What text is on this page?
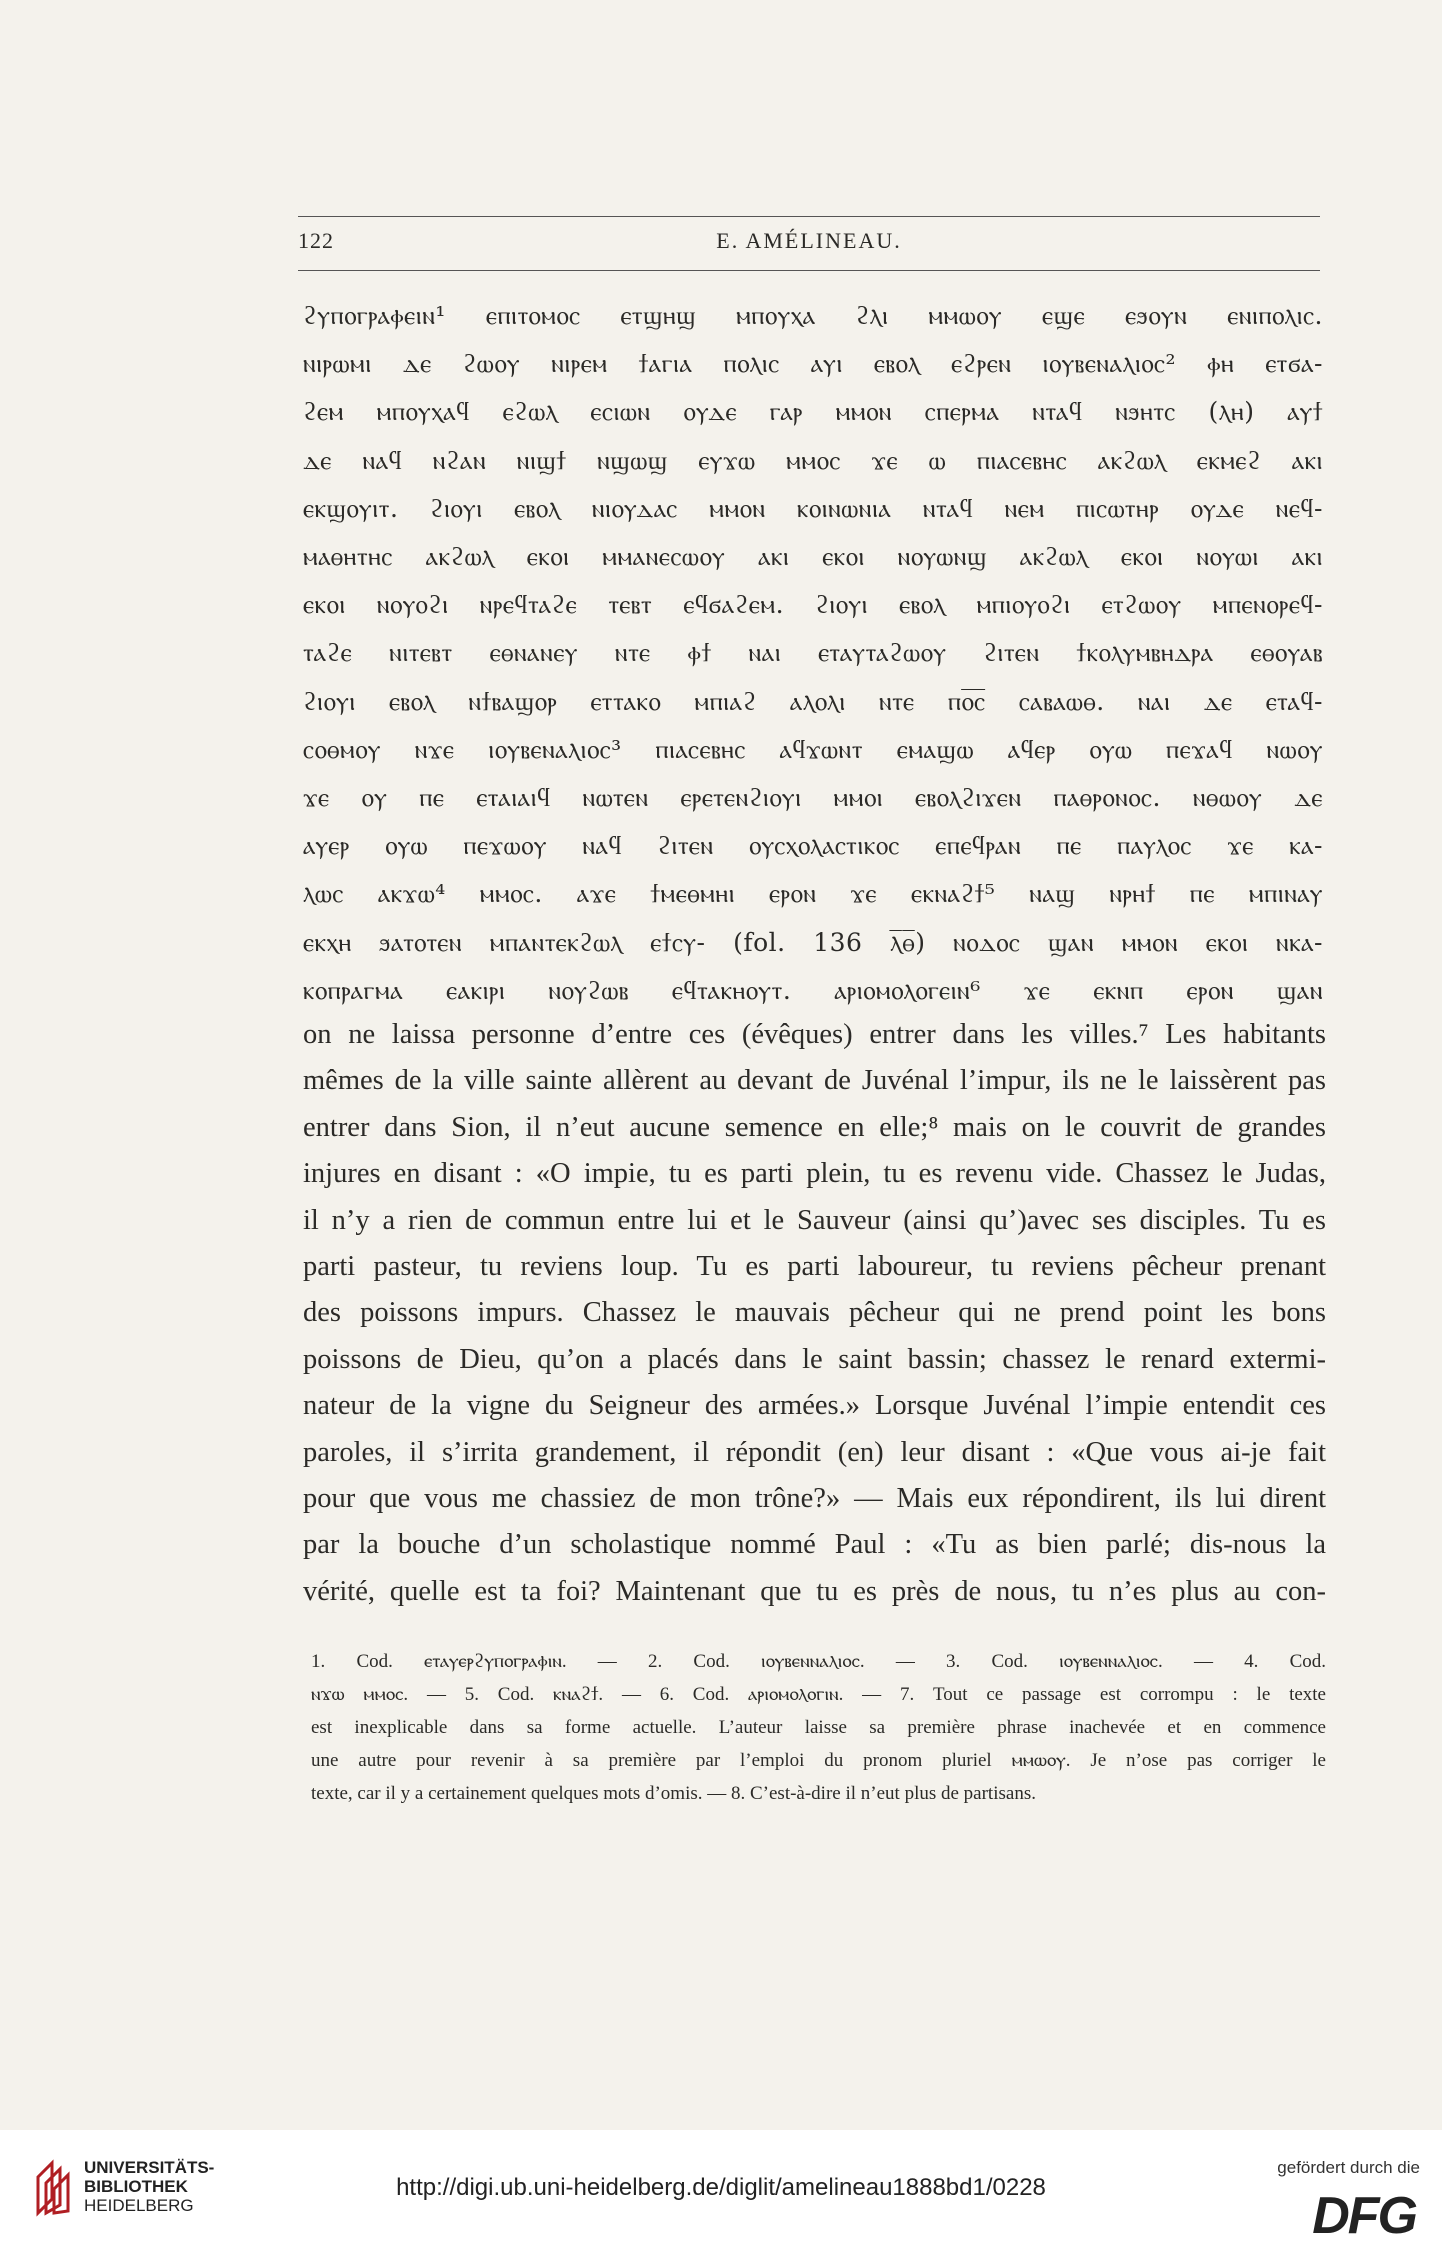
122	E. AMÉLINEAU.

ϩⲩⲡⲟⲅⲣⲁⲫⲉⲓⲛ¹ ⲉⲡⲓⲧⲟⲙⲟⲥ ⲉⲧϣⲏϣ ⲙⲡⲟⲩⲭⲁ ϩⲗⲓ ⲙⲙⲱⲟⲩ ⲉϣⲉ ⲉϧⲟⲩⲛ ⲉⲛⲓⲡⲟⲗⲓⲥ.

ⲛⲓⲣⲱⲙⲓ ⲇⲉ ϩⲱⲟⲩ ⲛⲓⲣⲉⲙ ϯⲁⲅⲓⲁ ⲡⲟⲗⲓⲥ ⲁⲩⲓ ⲉⲃⲟⲗ ⲉϩⲣⲉⲛ ⲓⲟⲩⲃⲉⲛⲁⲗⲓⲟⲥ² ⲫⲏ ⲉⲧϭⲁ-

ϩⲉⲙ ⲙⲡⲟⲩⲭⲁϥ ⲉϩⲱⲗ ⲉⲥⲓⲱⲛ ⲟⲩⲇⲉ ⲅⲁⲣ ⲙⲙⲟⲛ ⲥⲡⲉⲣⲙⲁ ⲛⲧⲁϥ ⲛϧⲏⲧⲥ (ⲗⲏ) ⲁⲩϯ

ⲇⲉ ⲛⲁϥ ⲛϩⲁⲛ ⲛⲓϣϯ ⲛϣⲱϣ ⲉⲩϫⲱ ⲙⲙⲟⲥ ϫⲉ ⲱ ⲡⲓⲁⲥⲉⲃⲏⲥ ⲁⲕϩⲱⲗ ⲉⲕⲙⲉϩ ⲁⲕⲓ

ⲉⲕϣⲟⲩⲓⲧ. ϩⲓⲟⲩⲓ ⲉⲃⲟⲗ ⲛⲓⲟⲩⲇⲁⲥ ⲙⲙⲟⲛ ⲕⲟⲓⲛⲱⲛⲓⲁ ⲛⲧⲁϥ ⲛⲉⲙ ⲡⲓⲥⲱⲧⲏⲣ ⲟⲩⲇⲉ ⲛⲉϥ-

ⲙⲁⲑⲏⲧⲏⲥ ⲁⲕϩⲱⲗ ⲉⲕⲟⲓ ⲙⲙⲁⲛⲉⲥⲱⲟⲩ ⲁⲕⲓ ⲉⲕⲟⲓ ⲛⲟⲩⲱⲛϣ ⲁⲕϩⲱⲗ ⲉⲕⲟⲓ ⲛⲟⲩⲱⲓ ⲁⲕⲓ

ⲉⲕⲟⲓ ⲛⲟⲩⲟϩⲓ ⲛⲣⲉϥⲧⲁϩⲉ ⲧⲉⲃⲧ ⲉϥϭⲁϩⲉⲙ. ϩⲓⲟⲩⲓ ⲉⲃⲟⲗ ⲙⲡⲓⲟⲩⲟϩⲓ ⲉⲧϩⲱⲟⲩ ⲙⲡⲉⲛⲟⲣⲉϥ-

ⲧⲁϩⲉ ⲛⲓⲧⲉⲃⲧ ⲉⲑⲛⲁⲛⲉⲩ ⲛⲧⲉ ⲫϯ ⲛⲁⲓ ⲉⲧⲁⲩⲧⲁϩⲱⲟⲩ ϩⲓⲧⲉⲛ ϯⲕⲟⲗⲩⲙⲃⲏⲇⲣⲁ ⲉⲑⲟⲩⲁⲃ

ϩⲓⲟⲩⲓ ⲉⲃⲟⲗ ⲛϯⲃⲁϣⲟⲣ ⲉⲧⲧⲁⲕⲟ ⲙⲡⲓⲁϩ ⲁⲗⲟⲗⲓ ⲛⲧⲉ ⲡⲟ︦ⲥ︦ ⲥⲁⲃⲁⲱⲑ. ⲛⲁⲓ ⲇⲉ ⲉⲧⲁϥ-

ⲥⲟⲑⲙⲟⲩ ⲛϫⲉ ⲓⲟⲩⲃⲉⲛⲁⲗⲓⲟⲥ³ ⲡⲓⲁⲥⲉⲃⲏⲥ ⲁϥϫⲱⲛⲧ ⲉⲙⲁϣⲱ ⲁϥⲉⲣ ⲟⲩⲱ ⲡⲉϫⲁϥ ⲛⲱⲟⲩ

ϫⲉ ⲟⲩ ⲡⲉ ⲉⲧⲁⲓⲁⲓϥ ⲛⲱⲧⲉⲛ ⲉⲣⲉⲧⲉⲛϩⲓⲟⲩⲓ ⲙⲙⲟⲓ ⲉⲃⲟⲗϩⲓϫⲉⲛ ⲡⲁⲑⲣⲟⲛⲟⲥ. ⲛⲑⲱⲟⲩ ⲇⲉ

ⲁⲩⲉⲣ ⲟⲩⲱ ⲡⲉϫⲱⲟⲩ ⲛⲁϥ ϩⲓⲧⲉⲛ ⲟⲩⲥⲭⲟⲗⲁⲥⲧⲓⲕⲟⲥ ⲉⲡⲉϥⲣⲁⲛ ⲡⲉ ⲡⲁⲩⲗⲟⲥ ϫⲉ ⲕⲁ-

ⲗⲱⲥ ⲁⲕϫⲱ⁴ ⲙⲙⲟⲥ. ⲁϫⲉ ϯⲙⲉⲑⲙⲏⲓ ⲉⲣⲟⲛ ϫⲉ ⲉⲕⲛⲁϩϯ⁵ ⲛⲁϣ ⲛⲣⲏϯ ⲡⲉ ⲙⲡⲓⲛⲁⲩ

ⲉⲕⲭⲏ ϧⲁⲧⲟⲧⲉⲛ ⲙⲡⲁⲛⲧⲉⲕϩⲱⲗ ⲉϯⲥⲩ- (fol. 136 ⲗ︦ⲑ︦) ⲛⲟⲇⲟⲥ ϣⲁⲛ ⲙⲙⲟⲛ ⲉⲕⲟⲓ ⲛⲕⲁ-

ⲕⲟⲡⲣⲁⲅⲙⲁ ⲉⲁⲕⲓⲣⲓ ⲛⲟⲩϩⲱⲃ ⲉϥⲧⲁⲕⲏⲟⲩⲧ. ⲁⲣⲓⲟⲙⲟⲗⲟⲅⲉⲓⲛ⁶ ϫⲉ ⲉⲕⲛⲡ ⲉⲣⲟⲛ ϣⲁⲛ

on ne laissa personne d’entre ces (évêques) entrer dans les villes.⁷ Les habitants

mêmes de la ville sainte allèrent au devant de Juvénal l’impur, ils ne le laissèrent pas

entrer dans Sion, il n’eut aucune semence en elle;⁸ mais on le couvrit de grandes

injures en disant : «O impie, tu es parti plein, tu es revenu vide. Chassez le Judas,

il n’y a rien de commun entre lui et le Sauveur (ainsi qu’)avec ses disciples. Tu es

parti pasteur, tu reviens loup. Tu es parti laboureur, tu reviens pêcheur prenant

des poissons impurs. Chassez le mauvais pêcheur qui ne prend point les bons

poissons de Dieu, qu’on a placés dans le saint bassin; chassez le renard extermi-

nateur de la vigne du Seigneur des armées.» Lorsque Juvénal l’impie entendit ces

paroles, il s’irrita grandement, il répondit (en) leur disant : «Que vous ai-je fait

pour que vous me chassiez de mon trône?» — Mais eux répondirent, ils lui dirent

par la bouche d’un scholastique nommé Paul : «Tu as bien parlé; dis-nous la

vérité, quelle est ta foi? Maintenant que tu es près de nous, tu n’es plus au con-

1. Cod. ⲉⲧⲁⲩⲉⲣϩⲩⲡⲟⲅⲣⲁⲫⲓⲛ. — 2. Cod. ⲓⲟⲩⲃⲉⲛⲛⲁⲗⲓⲟⲥ. — 3. Cod. ⲓⲟⲩⲃⲉⲛⲛⲁⲗⲓⲟⲥ. — 4. Cod.

ⲛϫⲱ ⲙⲙⲟⲥ. — 5. Cod. ⲕⲛⲁϩϯ. — 6. Cod. ⲁⲣⲓⲟⲙⲟⲗⲟⲅⲓⲛ. — 7. Tout ce passage est corrompu : le texte

est inexplicable dans sa forme actuelle. L’auteur laisse sa première phrase inachevée et en commence

une autre pour revenir à sa première par l’emploi du pronom pluriel ⲙⲙⲱⲟⲩ. Je n’ose pas corriger le

texte, car il y a certainement quelques mots d’omis. — 8. C’est-à-dire il n’eut plus de partisans.

UNIVERSITÄTS-
BIBLIOTHEK
HEIDELBERG
http://digi.ub.uni-heidelberg.de/diglit/amelineau1888bd1/0228
gefördert durch die
DFG
